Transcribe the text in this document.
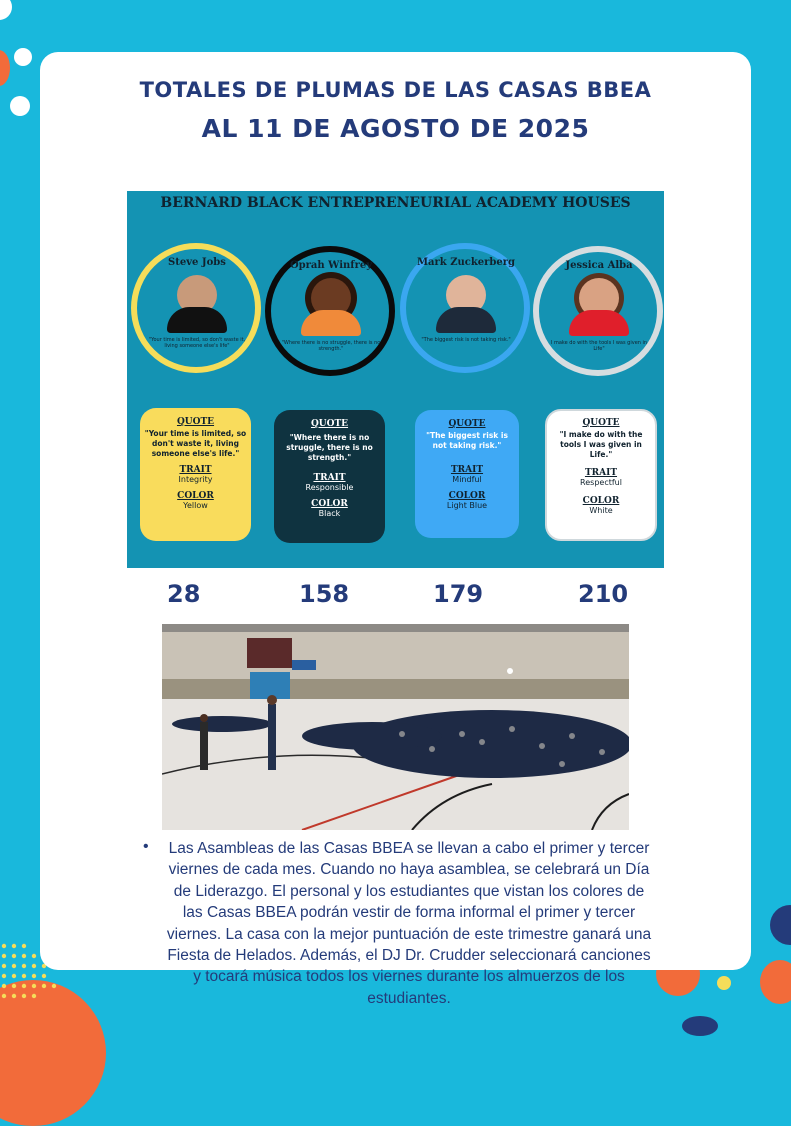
TOTALES DE PLUMAS DE LAS CASAS BBEA
AL 11 DE AGOSTO DE 2025
BERNARD BLACK ENTREPRENEURIAL ACADEMY HOUSES
Steve Jobs
"Your time is limited, so don't waste it, living someone else's life"
Oprah Winfrey
"Where there is no struggle, there is no strength."
Mark Zuckerberg
"The biggest risk is not taking risk."
Jessica Alba
I make do with the tools I was given in Life"
QUOTE
"Your time is limited, so don't waste it, living someone else's life."
TRAIT
Integrity
COLOR
Yellow
QUOTE
"Where there is no struggle, there is no strength."
TRAIT
Responsible
COLOR
Black
QUOTE
"The biggest risk is not taking risk."
TRAIT
Mindful
COLOR
Light Blue
QUOTE
"I make do with the tools I was given in Life."
TRAIT
Respectful
COLOR
White
28	158	179	210
•	Las Asambleas de las Casas BBEA se llevan a cabo el primer y tercer viernes de cada mes. Cuando no haya asamblea, se celebrará un Día de Liderazgo. El personal y los estudiantes que vistan los colores de las Casas BBEA podrán vestir de forma informal el primer y tercer viernes. La casa con la mejor puntuación de este trimestre ganará una Fiesta de Helados. Además, el DJ Dr. Crudder seleccionará canciones y tocará música todos los viernes durante los almuerzos de los estudiantes.
